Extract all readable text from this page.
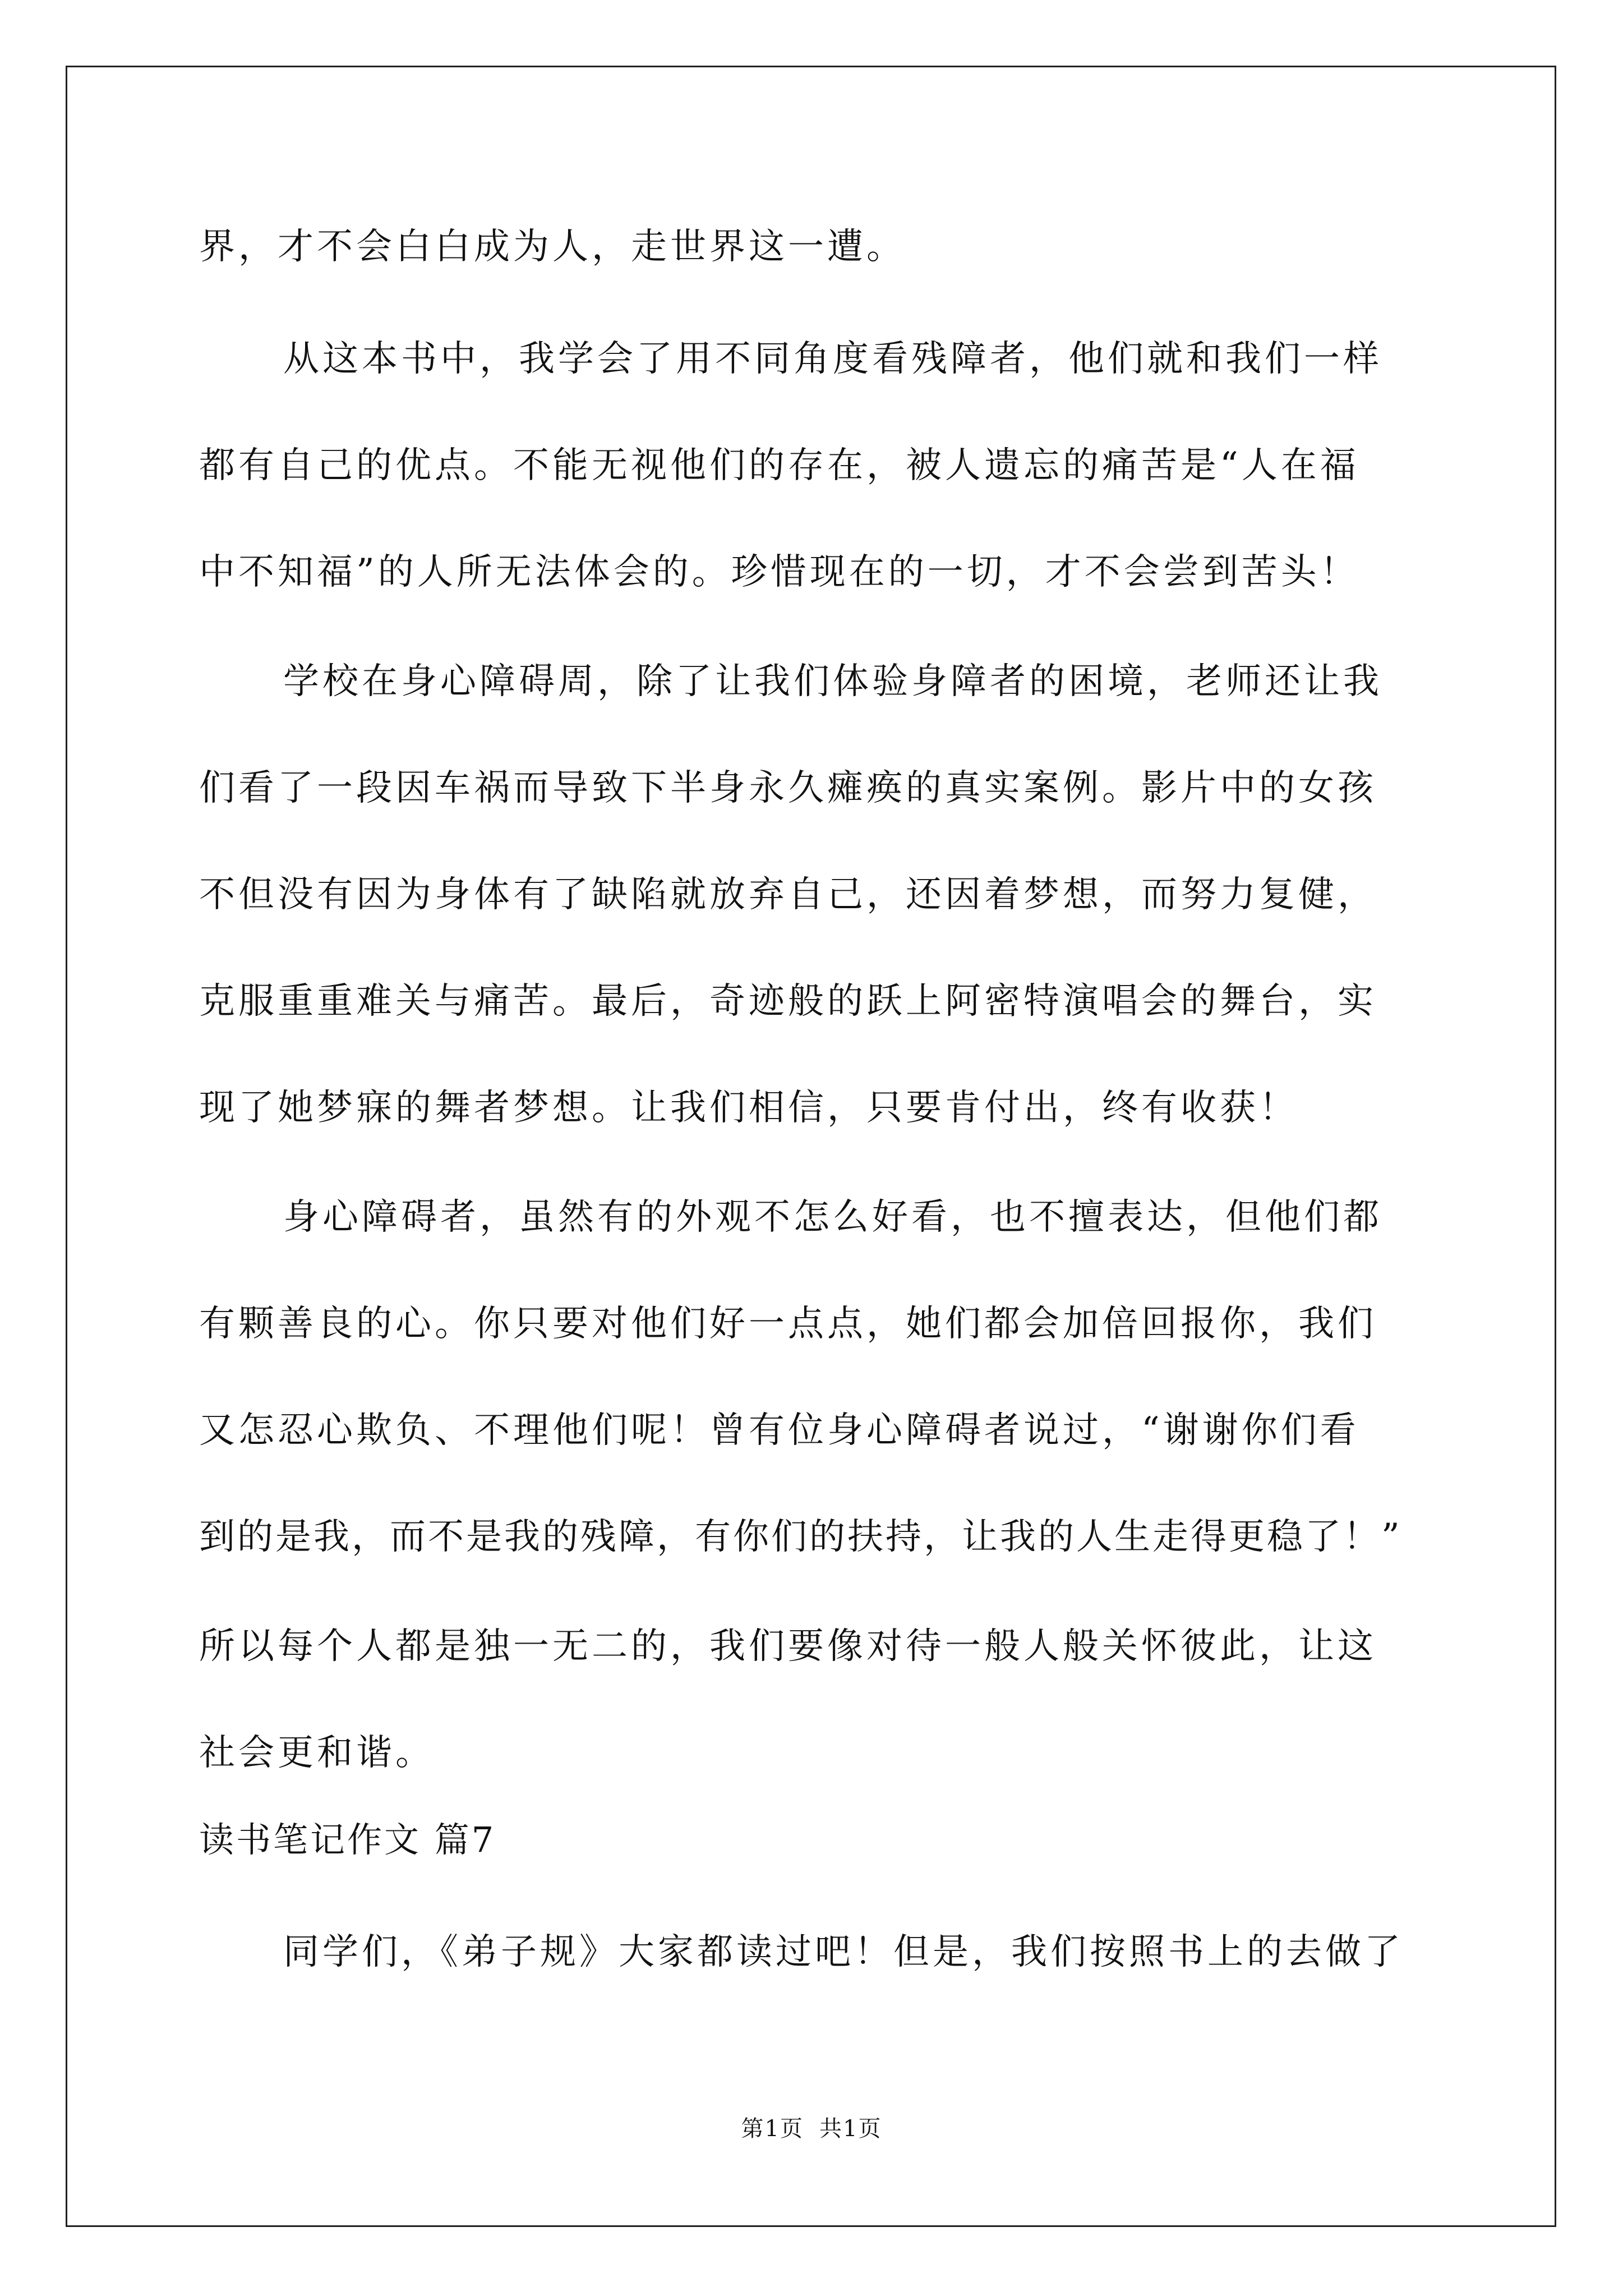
界，才不会白白成为人，走世界这一遭。
从这本书中，我学会了用不同角度看残障者，他们就和我们一样
都有自己的优点。不能无视他们的存在，被人遗忘的痛苦是“人在福
中不知福”的人所无法体会的。珍惜现在的一切，才不会尝到苦头！
学校在身心障碍周，除了让我们体验身障者的困境，老师还让我
们看了一段因车祸而导致下半身永久瘫痪的真实案例。影片中的女孩
不但没有因为身体有了缺陷就放弃自己，还因着梦想，而努力复健，
克服重重难关与痛苦。最后，奇迹般的跃上阿密特演唱会的舞台，实
现了她梦寐的舞者梦想。让我们相信，只要肯付出，终有收获！
身心障碍者，虽然有的外观不怎么好看，也不擅表达，但他们都
有颗善良的心。你只要对他们好一点点，她们都会加倍回报你，我们
又怎忍心欺负、不理他们呢！曾有位身心障碍者说过，“谢谢你们看
到的是我，而不是我的残障，有你们的扶持，让我的人生走得更稳了！”
所以每个人都是独一无二的，我们要像对待一般人般关怀彼此，让这
社会更和谐。
读书笔记作文 篇7
同学们，《弟子规》大家都读过吧！但是，我们按照书上的去做了
第1页 共1页
